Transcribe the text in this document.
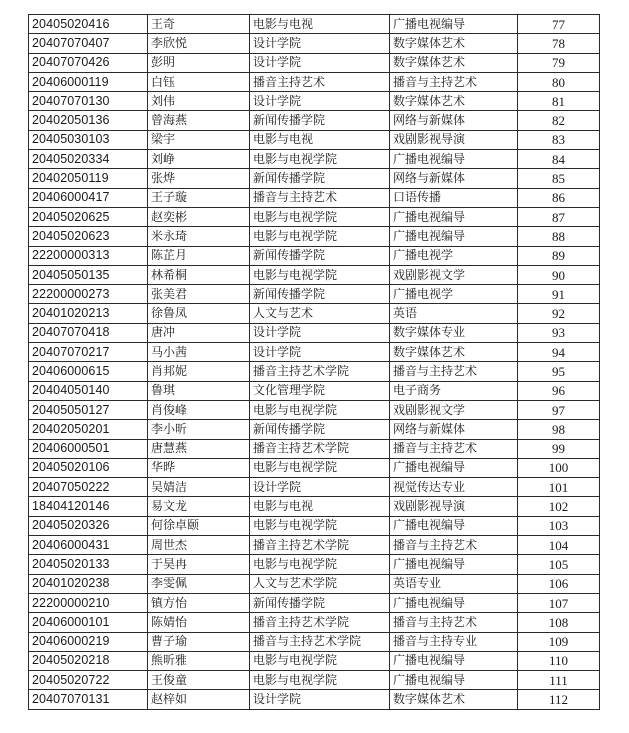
20405020416	王奇	电影与电视	广播电视编导	77
20407070407	李欣悦	设计学院	数字媒体艺术	78
20407070426	彭明	设计学院	数字媒体艺术	79
20406000119	白钰	播音主持艺术	播音与主持艺术	80
20407070130	刘伟	设计学院	数字媒体艺术	81
20402050136	曾海燕	新闻传播学院	网络与新媒体	82
20405030103	梁宇	电影与电视	戏剧影视导演	83
20405020334	刘峥	电影与电视学院	广播电视编导	84
20402050119	张烨	新闻传播学院	网络与新媒体	85
20406000417	王子璇	播音与主持艺术	口语传播	86
20405020625	赵奕彬	电影与电视学院	广播电视编导	87
20405020623	米永琦	电影与电视学院	广播电视编导	88
22200000313	陈芷月	新闻传播学院	广播电视学	89
20405050135	林希桐	电影与电视学院	戏剧影视文学	90
22200000273	张美君	新闻传播学院	广播电视学	91
20401020213	徐鲁凤	人文与艺术	英语	92
20407070418	唐冲	设计学院	数字媒体专业	93
20407070217	马小茜	设计学院	数字媒体艺术	94
20406000615	肖邦妮	播音主持艺术学院	播音与主持艺术	95
20404050140	鲁琪	文化管理学院	电子商务	96
20405050127	肖俊峰	电影与电视学院	戏剧影视文学	97
20402050201	李小昕	新闻传播学院	网络与新媒体	98
20406000501	唐慧燕	播音主持艺术学院	播音与主持艺术	99
20405020106	华晔	电影与电视学院	广播电视编导	100
20407050222	吴婧洁	设计学院	视觉传达专业	101
18404120146	易文龙	电影与电视	戏剧影视导演	102
20405020326	何徐卓颐	电影与电视学院	广播电视编导	103
20406000431	周世杰	播音主持艺术学院	播音与主持艺术	104
20405020133	于昊冉	电影与电视学院	广播电视编导	105
20401020238	李雯佩	人文与艺术学院	英语专业	106
22200000210	镇方怡	新闻传播学院	广播电视编导	107
20406000101	陈婧怡	播音主持艺术学院	播音与主持艺术	108
20406000219	曹子瑜	播音与主持艺术学院	播音与主持专业	109
20405020218	熊昕雅	电影与电视学院	广播电视编导	110
20405020722	王俊童	电影与电视学院	广播电视编导	111
20407070131	赵梓如	设计学院	数字媒体艺术	112
